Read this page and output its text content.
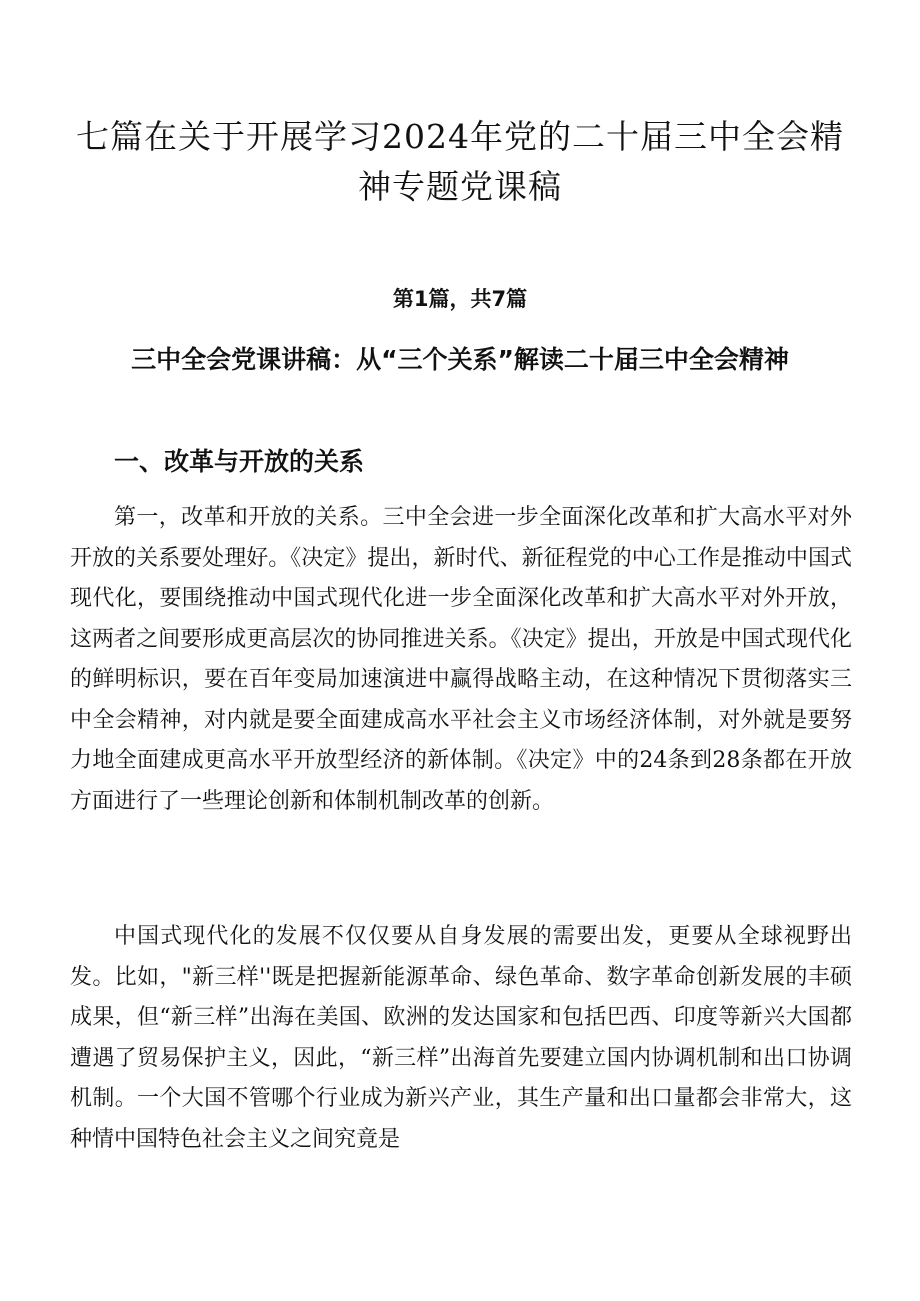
七篇在关于开展学习2024年党的二十届三中全会精神专题党课稿
第1篇，共7篇
三中全会党课讲稿：从“三个关系”解读二十届三中全会精神
一、改革与开放的关系

第一，改革和开放的关系。三中全会进一步全面深化改革和扩大高水平对外开放的关系要处理好。《决定》提出，新时代、新征程党的中心工作是推动中国式现代化，要围绕推动中国式现代化进一步全面深化改革和扩大高水平对外开放，这两者之间要形成更高层次的协同推进关系。《决定》提出，开放是中国式现代化的鲜明标识，要在百年变局加速演进中赢得战略主动，在这种情况下贯彻落实三中全会精神，对内就是要全面建成高水平社会主义市场经济体制，对外就是要努力地全面建成更高水平开放型经济的新体制。《决定》中的24条到28条都在开放方面进行了一些理论创新和体制机制改革的创新。

中国式现代化的发展不仅仅要从自身发展的需要出发，更要从全球视野出发。比如，"新三样''既是把握新能源革命、绿色革命、数字革命创新发展的丰硕成果，但“新三样”出海在美国、欧洲的发达国家和包括巴西、印度等新兴大国都遭遇了贸易保护主义，因此，“新三样”出海首先要建立国内协调机制和出口协调机制。一个大国不管哪个行业成为新兴产业，其生产量和出口量都会非常大，这种情中国特色社会主义之间究竟是
